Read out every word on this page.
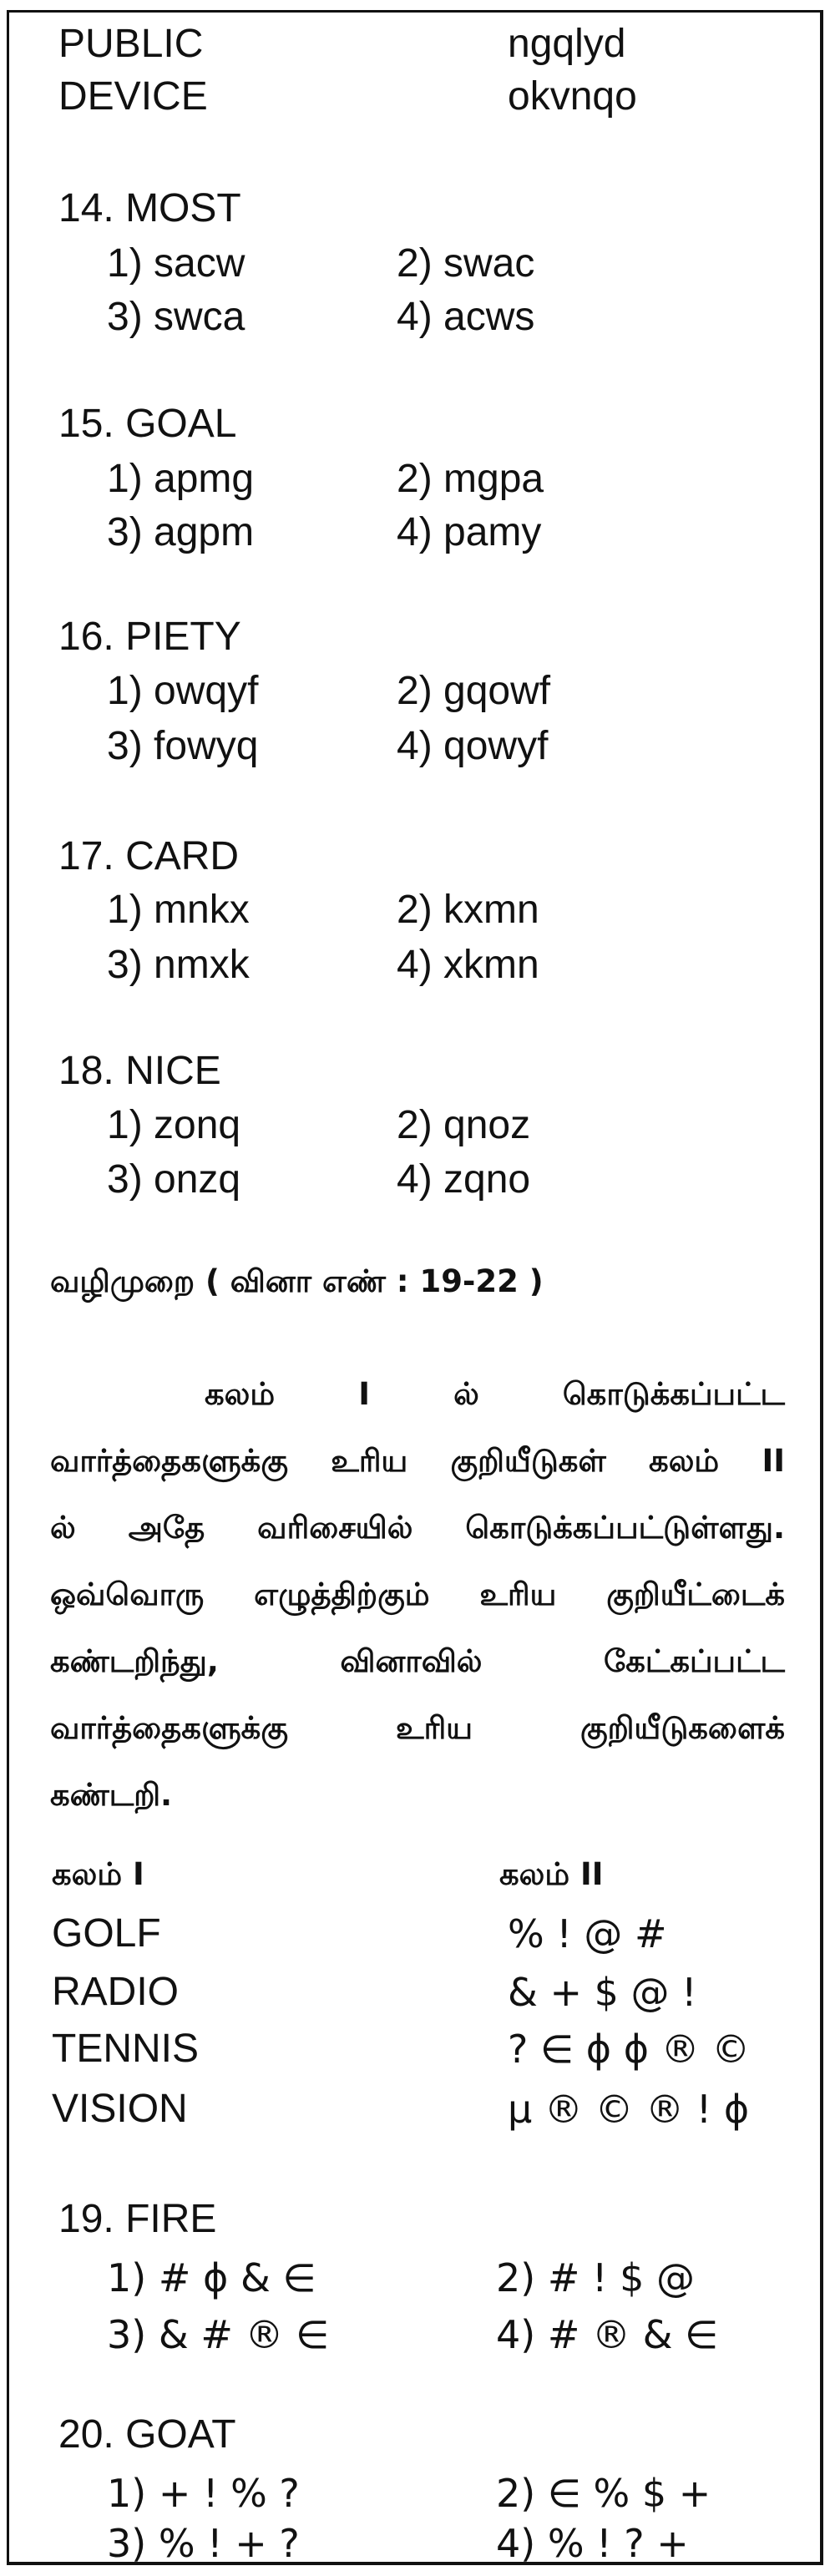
PUBLIC	ngqlyd
DEVICE	okvnqo
14. MOST
1) sacw	2) swac
3) swca	4) acws
15. GOAL
1) apmg	2) mgpa
3) agpm	4) pamy
16. PIETY
1) owqyf	2) gqowf
3) fowyq	4) qowyf
17. CARD
1) mnkx	2) kxmn
3) nmxk	4) xkmn
18. NICE
1) zonq	2) qnoz
3) onzq	4) zqno
வழிமுறை ( வினா எண் : 19-22 )
கலம் I ல் கொடுக்கப்பட்ட
வார்த்தைகளுக்கு உரிய குறியீடுகள் கலம் II
ல் அதே வரிசையில் கொடுக்கப்பட்டுள்ளது.
ஒவ்வொரு எழுத்திற்கும் உரிய குறியீட்டைக்
கண்டறிந்து, வினாவில் கேட்கப்பட்ட
வார்த்தைகளுக்கு உரிய குறியீடுகளைக்
கண்டறி.
கலம் I	கலம் II
GOLF	% ! @ #
RADIO	& + $ @ !
TENNIS	? ∈ ϕ ϕ ® ©
VISION	μ ® © ® ! ϕ
19. FIRE
1) # ϕ & ∈	2) # ! $ @
3) & # ® ∈	4) # ® & ∈
20. GOAT
1) + ! % ?	2) ∈ % $ +
3) % ! + ?	4) % ! ? +
